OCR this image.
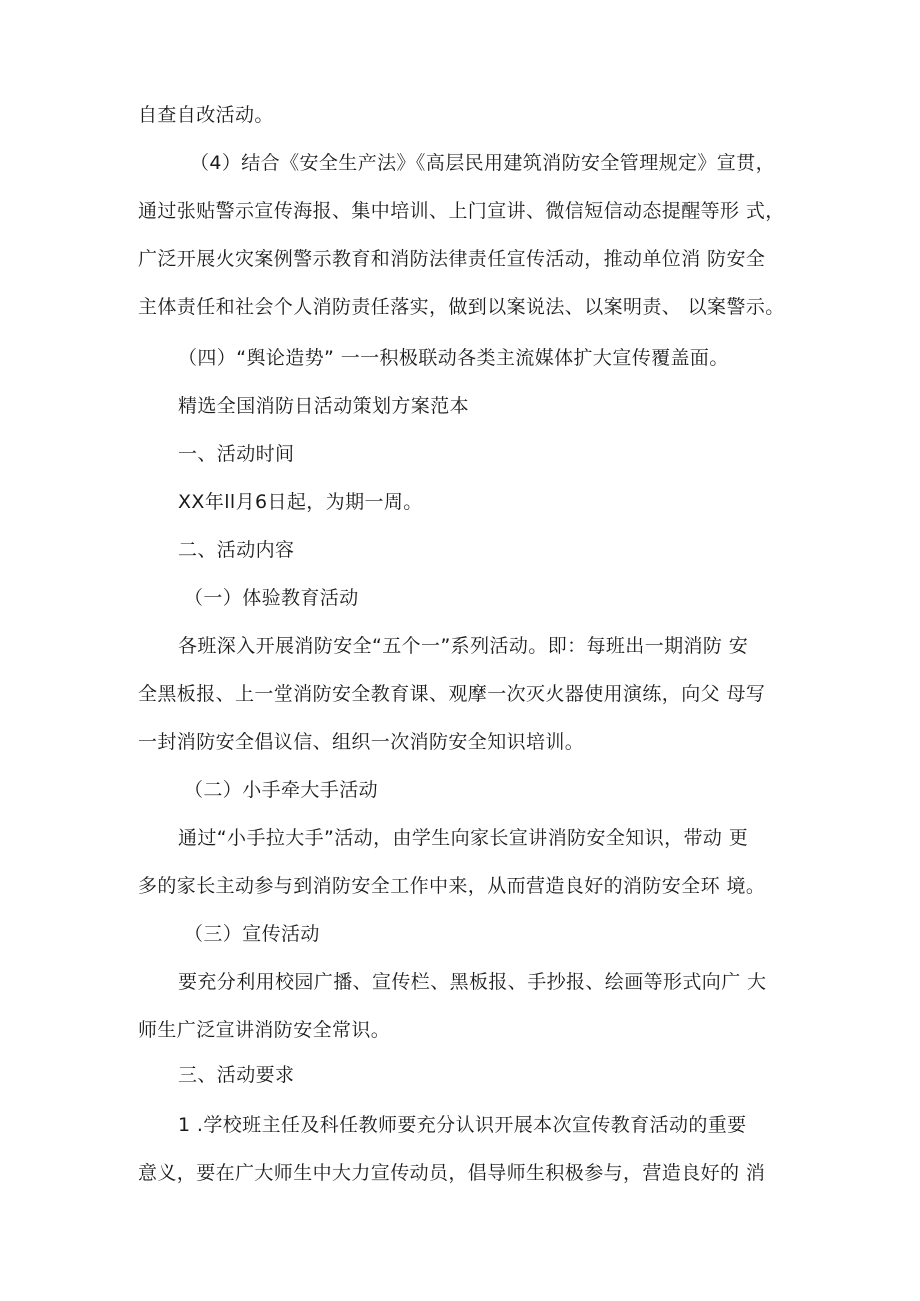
自查自改活动。
（4）结合《安全生产法》《高层民用建筑消防安全管理规定》宣贯，
通过张贴警示宣传海报、集中培训、上门宣讲、微信短信动态提醒等形 式，
广泛开展火灾案例警示教育和消防法律责任宣传活动，推动单位消 防安全
主体责任和社会个人消防责任落实，做到以案说法、以案明责、 以案警示。
（四）“舆论造势” 一一积极联动各类主流媒体扩大宣传覆盖面。
精选全国消防日活动策划方案范本
一、活动时间
XX年ll月6日起，为期一周。
二、活动内容
（一）体验教育活动
各班深入开展消防安全“五个一”系列活动。即：每班出一期消防 安
全黑板报、上一堂消防安全教育课、观摩一次灭火器使用演练，向父 母写
一封消防安全倡议信、组织一次消防安全知识培训。
（二）小手牵大手活动
通过“小手拉大手”活动，由学生向家长宣讲消防安全知识，带动 更
多的家长主动参与到消防安全工作中来，从而营造良好的消防安全环 境。
（三）宣传活动
要充分利用校园广播、宣传栏、黑板报、手抄报、绘画等形式向广 大
师生广泛宣讲消防安全常识。
三、活动要求
1 .学校班主任及科任教师要充分认识开展本次宣传教育活动的重要
意义，要在广大师生中大力宣传动员，倡导师生积极参与，营造良好的 消
